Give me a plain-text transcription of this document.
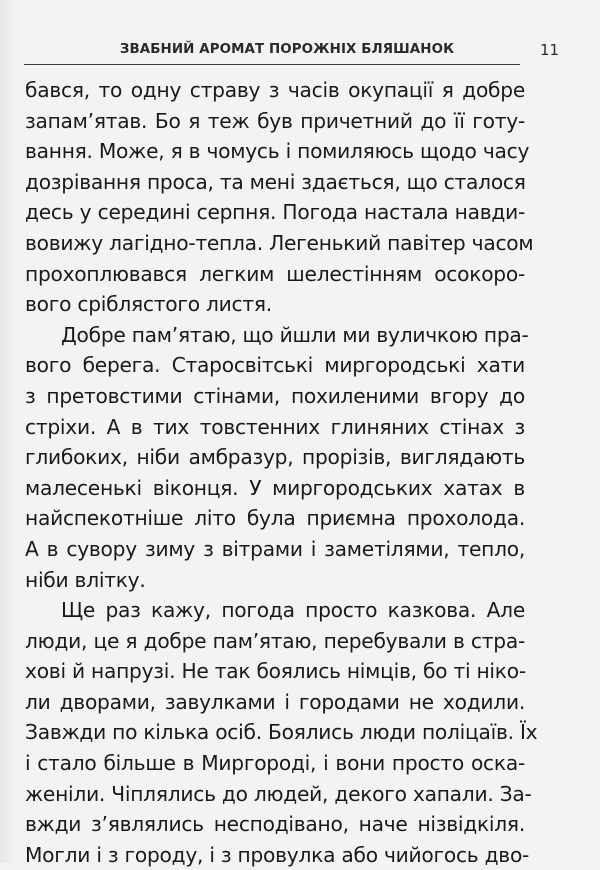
ЗВАБНИЙ АРОМАТ ПОРОЖНІХ БЛЯШАНОК	11
бався, то одну страву з часів окупації я добре
запам’ятав. Бо я теж був причетний до її готу-
вання. Може, я в чомусь і помиляюсь щодо часу
дозрівання проса, та мені здається, що сталося
десь у середині серпня. Погода настала навди-
вовижу лагідно-тепла. Легенький павітер часом
прохоплювався легким шелестінням осокоро-
вого сріблястого листя.
Добре пам’ятаю, що йшли ми вуличкою пра-
вого берега. Старосвітські миргородські хати
з претовстими стінами, похиленими вгору до
стріхи. А в тих товстенних глиняних стінах з
глибоких, ніби амбразур, прорізів, виглядають
малесенькі віконця. У миргородських хатах в
найспекотніше літо була приємна прохолода.
А в сувору зиму з вітрами і заметілями, тепло,
ніби влітку.
Ще раз кажу, погода просто казкова. Але
люди, це я добре пам’ятаю, перебували в стра-
хові й напрузі. Не так боялись німців, бо ті ніко-
ли дворами, завулками і городами не ходили.
Завжди по кілька осіб. Боялись люди поліцаїв. Їх
і стало більше в Миргороді, і вони просто оска-
женіли. Чіплялись до людей, декого хапали. За-
вжди з’являлись несподівано, наче нізвідкіля.
Могли і з городу, і з провулка або чийогось дво-
